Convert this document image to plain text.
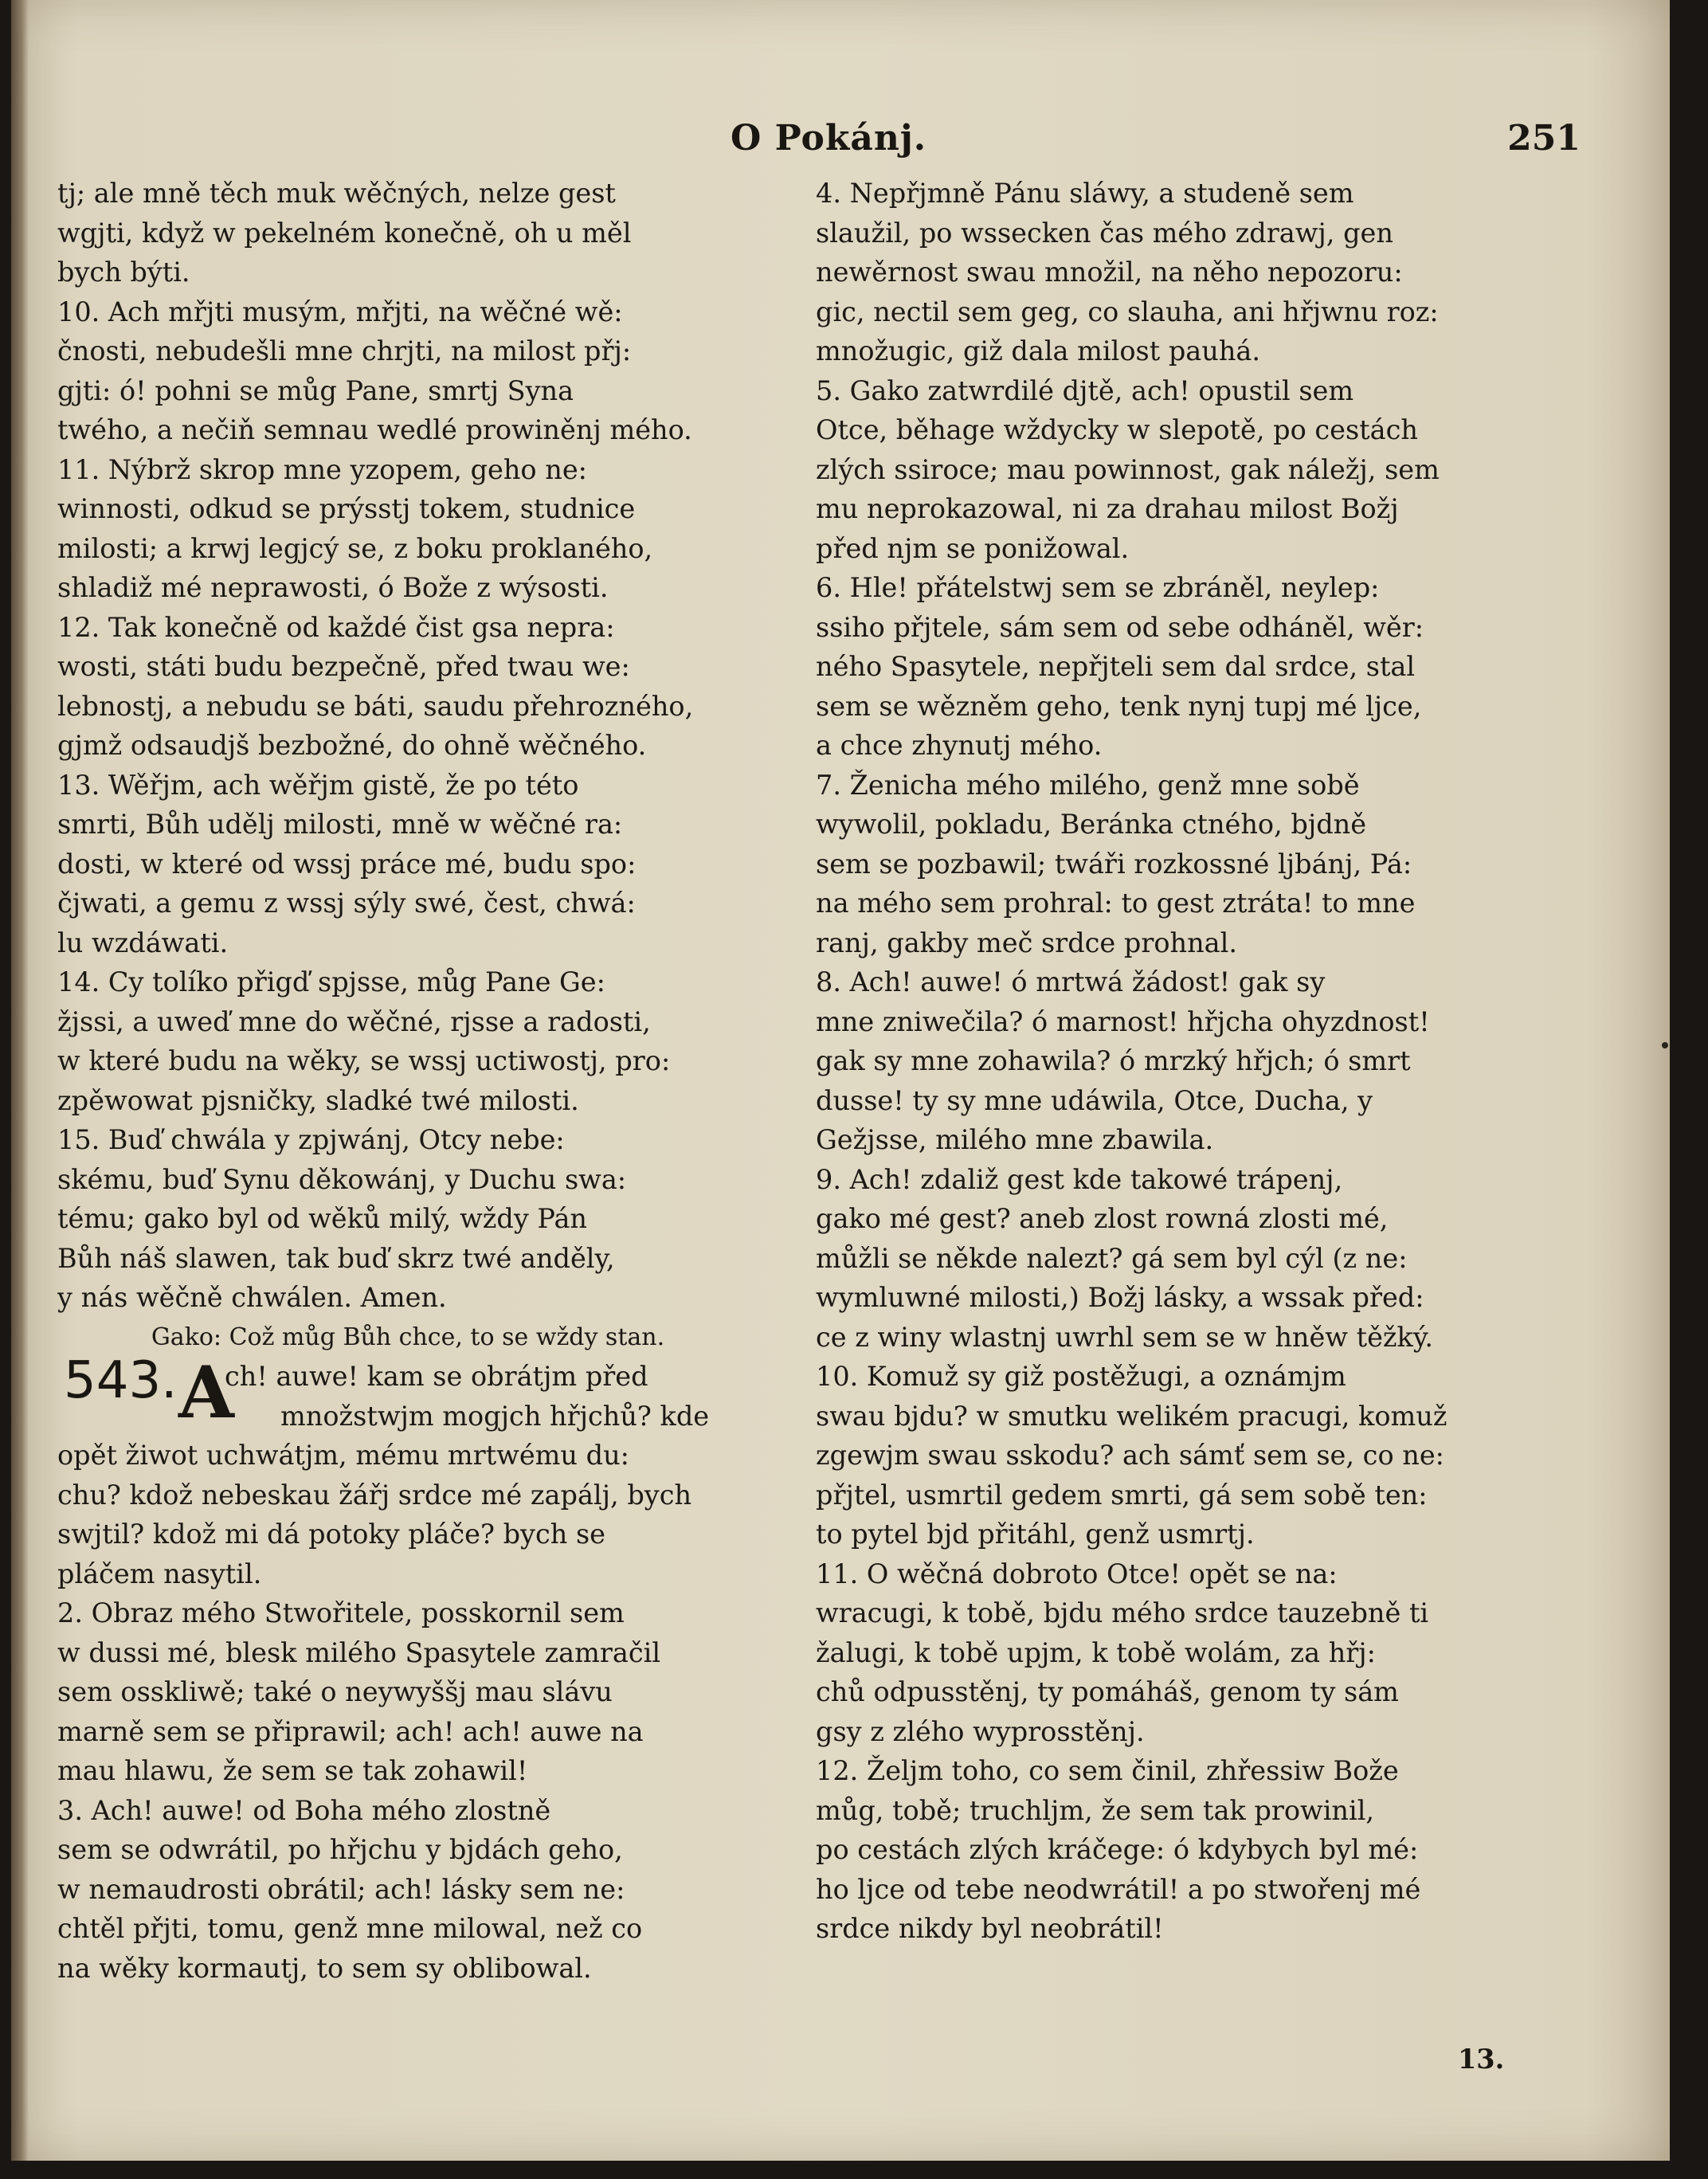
O Pokánj.	251
tj; ale mně těch muk wěčných, nelze gest
wgjti, když w pekelném konečně, oh u měl
bych býti.
10. Ach mřjti musým, mřjti, na wěčné wě:
čnosti, nebudešli mne chrjti, na milost přj:
gjti: ó! pohni se můg Pane, smrtj Syna
twého, a nečiň semnau wedlé prowiněnj mého.
11. Nýbrž skrop mne yzopem, geho ne:
winnosti, odkud se prýsstj tokem, studnice
milosti; a krwj legjcý se, z boku proklaného,
shladiž mé neprawosti, ó Bože z wýsosti.
12. Tak konečně od každé čist gsa nepra:
wosti, státi budu bezpečně, před twau we:
lebnostj, a nebudu se báti, saudu přehrozného,
gjmž odsaudjš bezbožné, do ohně wěčného.
13. Wěřjm, ach wěřjm gistě, že po této
smrti, Bůh udělj milosti, mně w wěčné ra:
dosti, w které od wssj práce mé, budu spo:
čjwati, a gemu z wssj sýly swé, čest, chwá:
lu wzdáwati.
14. Cy tolíko přigď spjsse, můg Pane Ge:
žjssi, a uweď mne do wěčné, rjsse a radosti,
w které budu na wěky, se wssj uctiwostj, pro:
zpěwowat pjsničky, sladké twé milosti.
15. Buď chwála y zpjwánj, Otcy nebe:
skému, buď Synu děkowánj, y Duchu swa:
tému; gako byl od wěků milý, wždy Pán
Bůh náš slawen, tak buď skrz twé anděly,
y nás wěčně chwálen. Amen.
Gako: Což můg Bůh chce, to se wždy stan.
543. A
ch! auwe! kam se obrátjm před
množstwjm mogjch hřjchů? kde
opět žiwot uchwátjm, mému mrtwému du:
chu? kdož nebeskau žářj srdce mé zapálj, bych
swjtil? kdož mi dá potoky pláče? bych se
pláčem nasytil.
2. Obraz mého Stwořitele, posskornil sem
w dussi mé, blesk milého Spasytele zamračil
sem osskliwě; také o neywyššj mau slávu
marně sem se připrawil; ach! ach! auwe na
mau hlawu, že sem se tak zohawil!
3. Ach! auwe! od Boha mého zlostně
sem se odwrátil, po hřjchu y bjdách geho,
w nemaudrosti obrátil; ach! lásky sem ne:
chtěl přjti, tomu, genž mne milowal, než co
na wěky kormautj, to sem sy oblibowal.
4. Nepřjmně Pánu sláwy, a studeně sem
slaužil, po wssecken čas mého zdrawj, gen
newěrnost swau množil, na něho nepozoru:
gic, nectil sem geg, co slauha, ani hřjwnu roz:
množugic, giž dala milost pauhá.
5. Gako zatwrdilé djtě, ach! opustil sem
Otce, běhage wždycky w slepotě, po cestách
zlých ssiroce; mau powinnost, gak náležj, sem
mu neprokazowal, ni za drahau milost Božj
před njm se ponižowal.
6. Hle! přátelstwj sem se zbráněl, neylep:
ssiho přjtele, sám sem od sebe odháněl, wěr:
ného Spasytele, nepřjteli sem dal srdce, stal
sem se wězněm geho, tenk nynj tupj mé ljce,
a chce zhynutj mého.
7. Ženicha mého milého, genž mne sobě
wywolil, pokladu, Beránka ctného, bjdně
sem se pozbawil; twáři rozkossné ljbánj, Pá:
na mého sem prohral: to gest ztráta! to mne
ranj, gakby meč srdce prohnal.
8. Ach! auwe! ó mrtwá žádost! gak sy
mne zniwečila? ó marnost! hřjcha ohyzdnost!
gak sy mne zohawila? ó mrzký hřjch; ó smrt
dusse! ty sy mne udáwila, Otce, Ducha, y
Gežjsse, milého mne zbawila.
9. Ach! zdaliž gest kde takowé trápenj,
gako mé gest? aneb zlost rowná zlosti mé,
můžli se někde nalezt? gá sem byl cýl (z ne:
wymluwné milosti,) Božj lásky, a wssak před:
ce z winy wlastnj uwrhl sem se w hněw těžký.
10. Komuž sy giž postěžugi, a oznámjm
swau bjdu? w smutku welikém pracugi, komuž
zgewjm swau sskodu? ach sámť sem se, co ne:
přjtel, usmrtil gedem smrti, gá sem sobě ten:
to pytel bjd přitáhl, genž usmrtj.
11. O wěčná dobroto Otce! opět se na:
wracugi, k tobě, bjdu mého srdce tauzebně ti
žalugi, k tobě upjm, k tobě wolám, za hřj:
chů odpusstěnj, ty pomáháš, genom ty sám
gsy z zlého wyprosstěnj.
12. Željm toho, co sem činil, zhřessiw Bože
můg, tobě; truchljm, že sem tak prowinil,
po cestách zlých kráčege: ó kdybych byl mé:
ho ljce od tebe neodwrátil! a po stwořenj mé
srdce nikdy byl neobrátil!
13.
